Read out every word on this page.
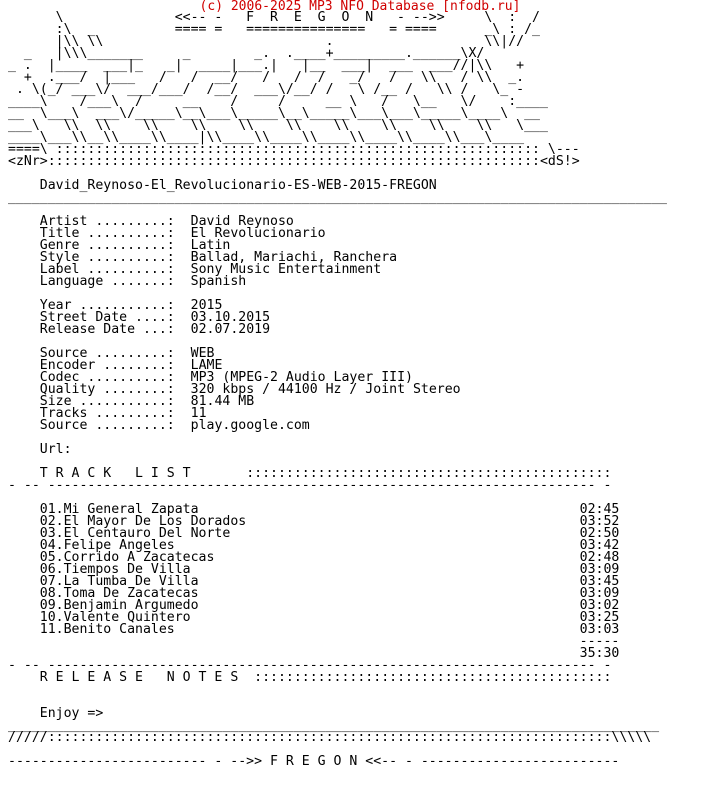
(c) 2006-2025 MP3 NFO Database [nfodb.ru]
\              <<-- -   F  R  E  G  O  N   - -->>     \  :  /
:\  _          ==== =   ===============   = ====      _\ : /_
|\\ \\                            .                   \\|//
_   |\\\_______     _        _.  .____+_________.______\X/
_ .  |____  ___|_   _|  ____|___.|   |__  ___|  ___  ___//|\\   +
+  .___/  |___   /   /  __/   /   /  /   _/   /   \\   / \\  _.
. \(_/ ___\/  ___/___/  /__/  ___\/__/ /   \ /__ /   \\ /   \_ -
____\    /___\  /     __    /     /     __ \   /   \__   \/    :____
__  \___\  ___\/_____\__\___\_____\__\_____\___\___\_____\____\  __
___\   \\  \\    \\    \\    \\    \\    \\    \\    \\    \\   \___
____\___\\__\\____\\____|\\____\\____\\____\\____\\____\\___\____
====\ ::::::::::::::::::::::::::::::::::::::::::::::::::::::::::::: \---
<zNr>::::::::::::::::::::::::::::::::::::::::::::::::::::::::::::::<dS!>

David_Reynoso-El_Revolucionario-ES-WEB-2015-FREGON
___________________________________________________________________________________

Artist .........: David Reynoso
Title ..........: El Revolucionario
Genre ..........: Latin
Style ..........: Ballad, Mariachi, Ranchera
Label ..........: Sony Music Entertainment
Language .......: Spanish

Year ...........: 2015
Street Date ....: 03.10.2015
Release Date ...: 02.07.2019

Source .........: WEB
Encoder ........: LAME
Codec ..........: MP3 (MPEG-2 Audio Layer III)
Quality ........: 320 kbps / 44100 Hz / Joint Stereo
Size ...........: 81.44 MB
Tracks .........: 11
Source .........: play.google.com

Url:

T R A C K   L I S T	::::::::::::::::::::::::::::::::::::::::::::::
- -- --------------------------------------------------------------------- -

01.Mi General Zapata	02:45
02.El Mayor De Los Dorados	03:52
03.El Centauro Del Norte	02:50
04.Felipe Angeles	03:42
05.Corrido A Zacatecas	02:48
06.Tiempos De Villa	03:09
07.La Tumba De Villa	03:45
08.Toma De Zacatecas	03:09
09.Benjamin Argumedo	03:02
10.Valente Quintero	03:25
11.Benito Canales	03:03
-----
35:30
- -- --------------------------------------------------------------------- -
R E L E A S E   N O T E S :::::::::::::::::::::::::::::::::::::::::::::

Enjoy =>
__________________________________________________________________________________
/////:::::::::::::::::::::::::::::::::::::::::::::::::::::::::::::::::::::::\\\\\

------------------------- - -->> F R E G O N <<-- - -------------------------
